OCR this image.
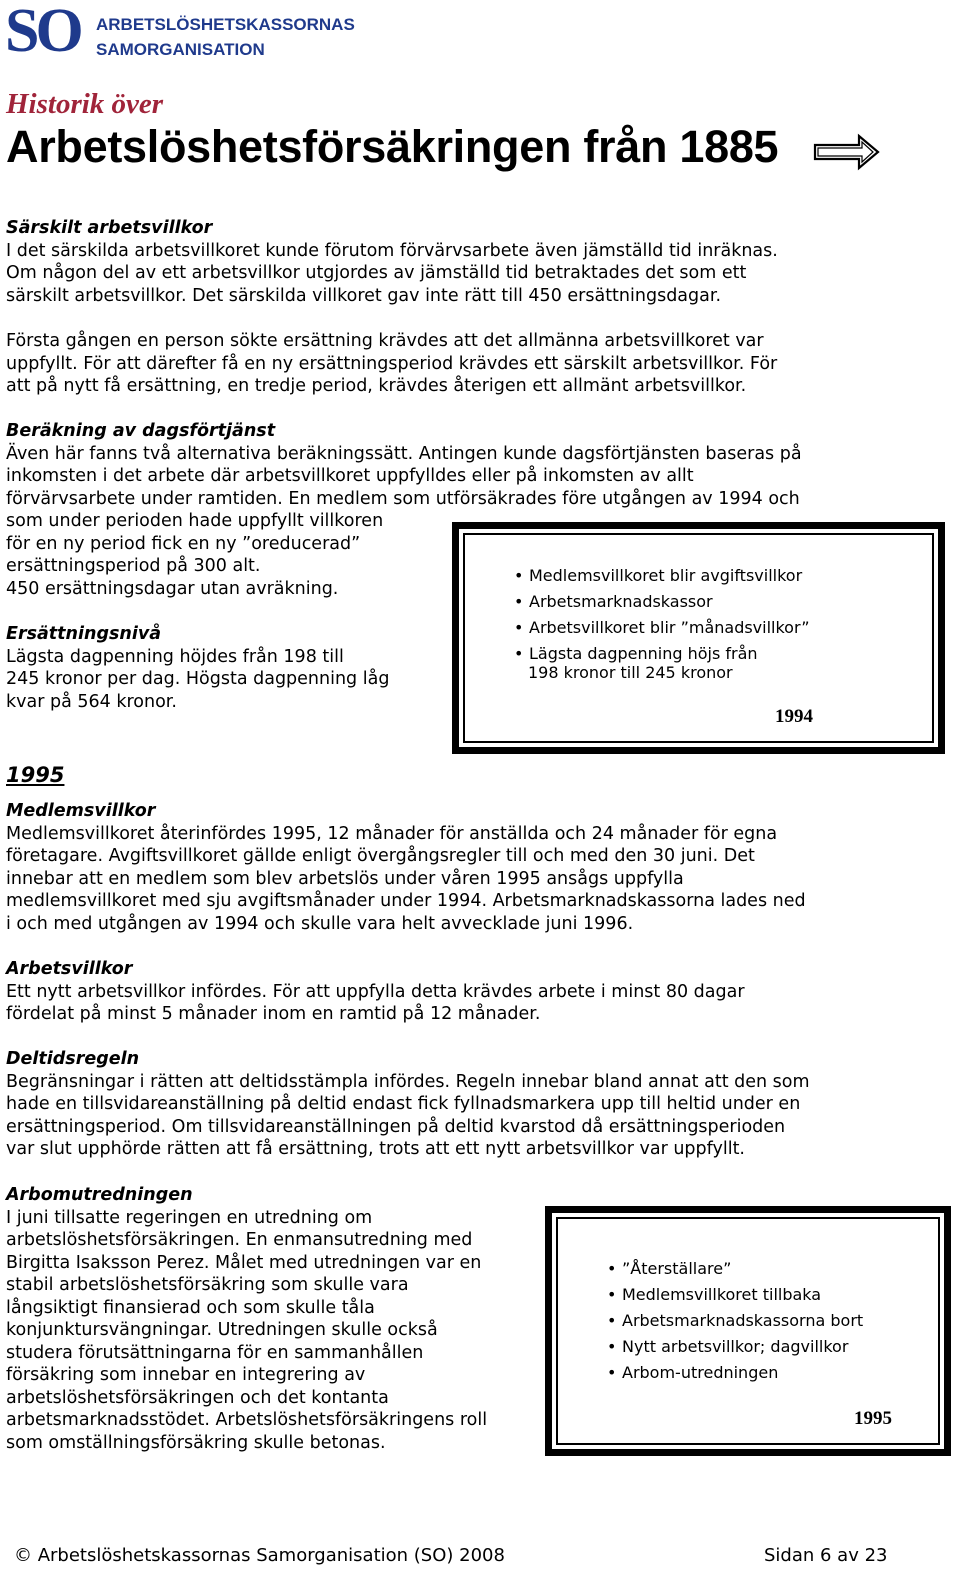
SO ARBETSLÖSHETSKASSORNAS
SAMORGANISATION
Historik över
Arbetslöshetsförsäkringen från 1885

Särskilt arbetsvillkor

I det särskilda arbetsvillkoret kunde förutom förvärvsarbete även jämställd tid inräknas.

Om någon del av ett arbetsvillkor utgjordes av jämställd tid betraktades det som ett

särskilt arbetsvillkor. Det särskilda villkoret gav inte rätt till 450 ersättningsdagar.

Första gången en person sökte ersättning krävdes att det allmänna arbetsvillkoret var

uppfyllt. För att därefter få en ny ersättningsperiod krävdes ett särskilt arbetsvillkor. För

att på nytt få ersättning, en tredje period, krävdes återigen ett allmänt arbetsvillkor.

Beräkning av dagsförtjänst

Även här fanns två alternativa beräkningssätt. Antingen kunde dagsförtjänsten baseras på

inkomsten i det arbete där arbetsvillkoret uppfylldes eller på inkomsten av allt

förvärvsarbete under ramtiden. En medlem som utförsäkrades före utgången av 1994 och

som under perioden hade uppfyllt villkoren

för en ny period fick en ny ”oreducerad”

ersättningsperiod på 300 alt.

450 ersättningsdagar utan avräkning.

Ersättningsnivå

Lägsta dagpenning höjdes från 198 till

245 kronor per dag. Högsta dagpenning låg

kvar på 564 kronor.

• Medlemsvillkoret blir avgiftsvillkor
• Arbetsmarknadskassor
• Arbetsvillkoret blir ”månadsvillkor”
• Lägsta dagpenning höjs från
198 kronor till 245 kronor
1994
1995

Medlemsvillkor

Medlemsvillkoret återinfördes 1995, 12 månader för anställda och 24 månader för egna

företagare. Avgiftsvillkoret gällde enligt övergångsregler till och med den 30 juni. Det

innebar att en medlem som blev arbetslös under våren 1995 ansågs uppfylla

medlemsvillkoret med sju avgiftsmånader under 1994. Arbetsmarknadskassorna lades ned

i och med utgången av 1994 och skulle vara helt avvecklade juni 1996.

Arbetsvillkor

Ett nytt arbetsvillkor infördes. För att uppfylla detta krävdes arbete i minst 80 dagar

fördelat på minst 5 månader inom en ramtid på 12 månader.

Deltidsregeln

Begränsningar i rätten att deltidsstämpla infördes. Regeln innebar bland annat att den som

hade en tillsvidareanställning på deltid endast fick fyllnadsmarkera upp till heltid under en

ersättningsperiod. Om tillsvidareanställningen på deltid kvarstod då ersättningsperioden

var slut upphörde rätten att få ersättning, trots att ett nytt arbetsvillkor var uppfyllt.

Arbomutredningen

I juni tillsatte regeringen en utredning om

arbetslöshetsförsäkringen. En enmansutredning med

Birgitta Isaksson Perez. Målet med utredningen var en

stabil arbetslöshetsförsäkring som skulle vara

långsiktigt finansierad och som skulle tåla

konjunktursvängningar. Utredningen skulle också

studera förutsättningarna för en sammanhållen

försäkring som innebar en integrering av

arbetslöshetsförsäkringen och det kontanta

arbetsmarknadsstödet. Arbetslöshetsförsäkringens roll

som omställningsförsäkring skulle betonas.

• ”Återställare”
• Medlemsvillkoret tillbaka
• Arbetsmarknadskassorna bort
• Nytt arbetsvillkor; dagvillkor
• Arbom-utredningen
1995
© Arbetslöshetskassornas Samorganisation (SO) 2008	Sidan 6 av 23
